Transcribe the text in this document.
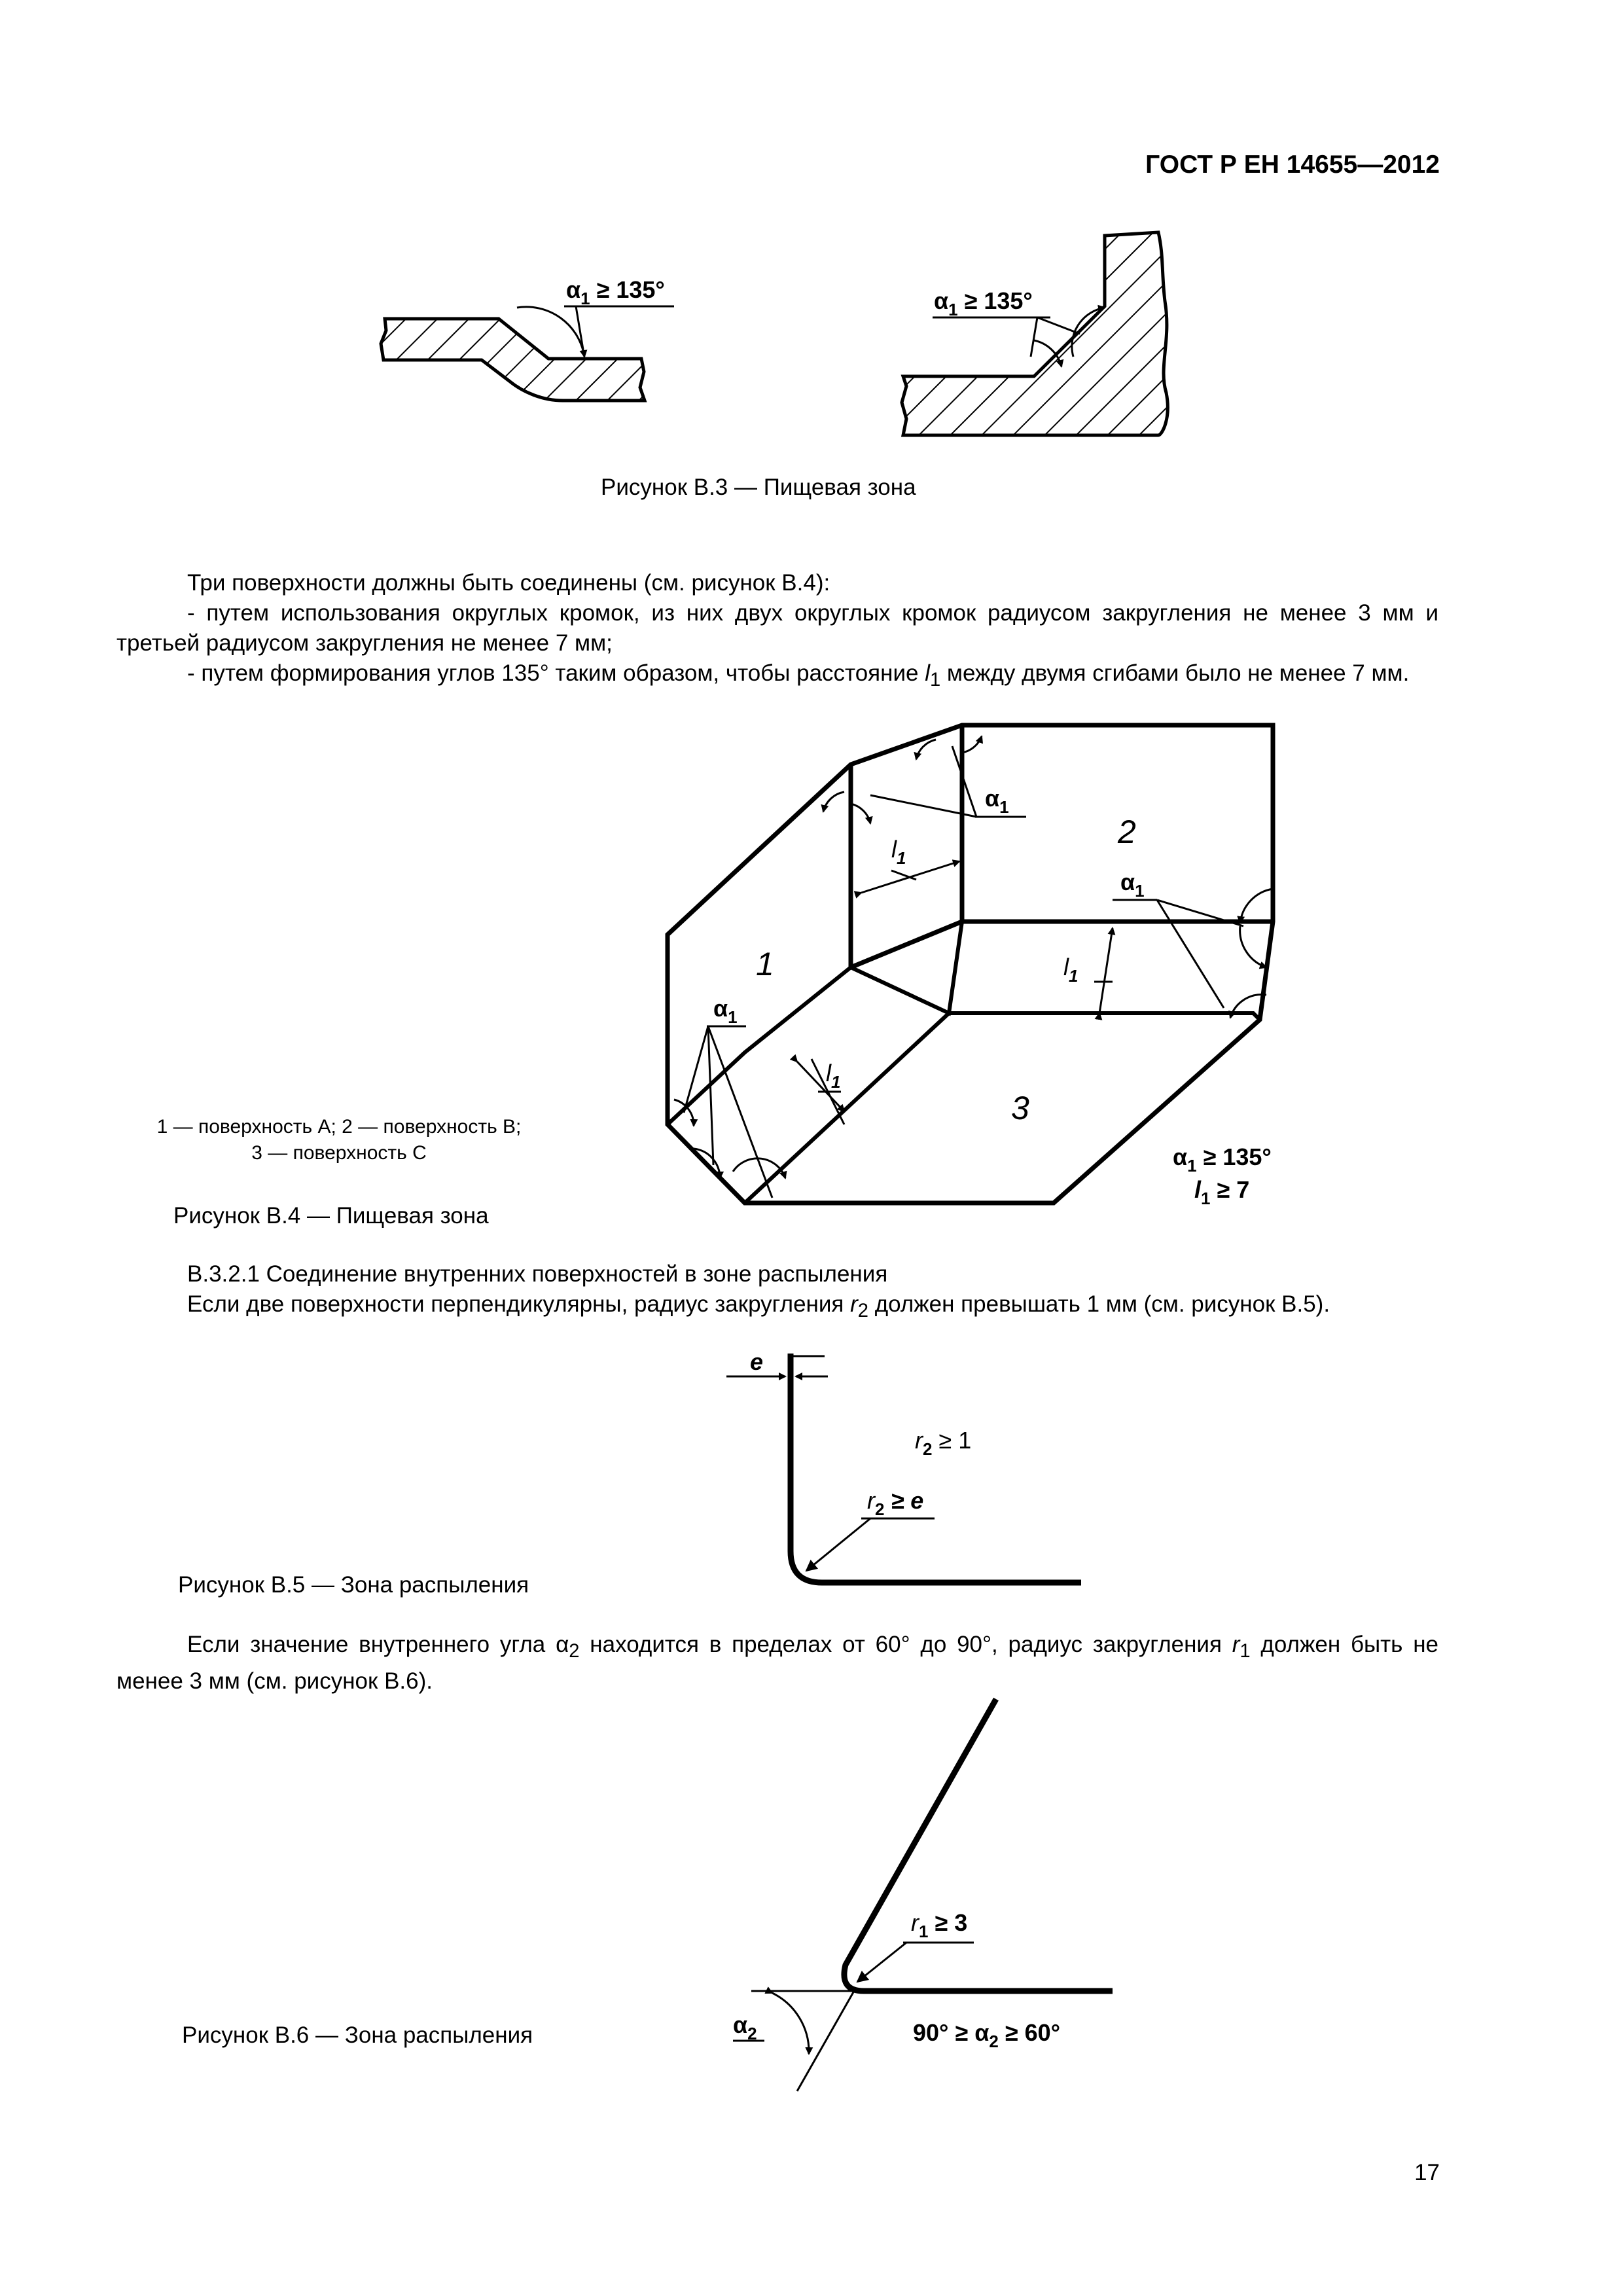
ГОСТ Р ЕН 14655—2012
$\alpha_1 \ge 135^\circ$	$\alpha_1 \ge 135^\circ$
$\alpha_1$
$\alpha_1$
$\alpha_1$
$l_1$
$l_1$
$l_1$
1
2
3
$\alpha_1 \ge 135^\circ$
$l_1 \ge 7$
e
$r_2 \ge 1$
$r_2 \ge e$
$r_1 \ge 3$
$\alpha_2$	$90^\circ \ge \alpha_2 \ge 60^\circ$
Рисунок В.3 — Пищевая зона

Три поверхности должны быть соединены (см. рисунок В.4):

- путем использования округлых кромок, из них двух округлых кромок радиусом закругления не менее 3 мм и третьей радиусом закругления не менее 7 мм;

- путем формирования углов 135° таким образом, чтобы расстояние $l_1$ между двумя сгибами было не менее 7 мм.

1 — поверхность A; 2 — поверхность B;
3 — поверхность C
Рисунок В.4 — Пищевая зона

В.3.2.1 Соединение внутренних поверхностей в зоне распыления

Если две поверхности перпендикулярны, радиус закругления $r_2$ должен превышать 1 мм (см. рисунок В.5).

Рисунок В.5 — Зона распыления

Если значение внутреннего угла $\alpha_2$ находится в пределах от 60° до 90°, радиус закругления $r_1$ должен быть не менее 3 мм (см. рисунок В.6).

Рисунок В.6 — Зона распыления
17
